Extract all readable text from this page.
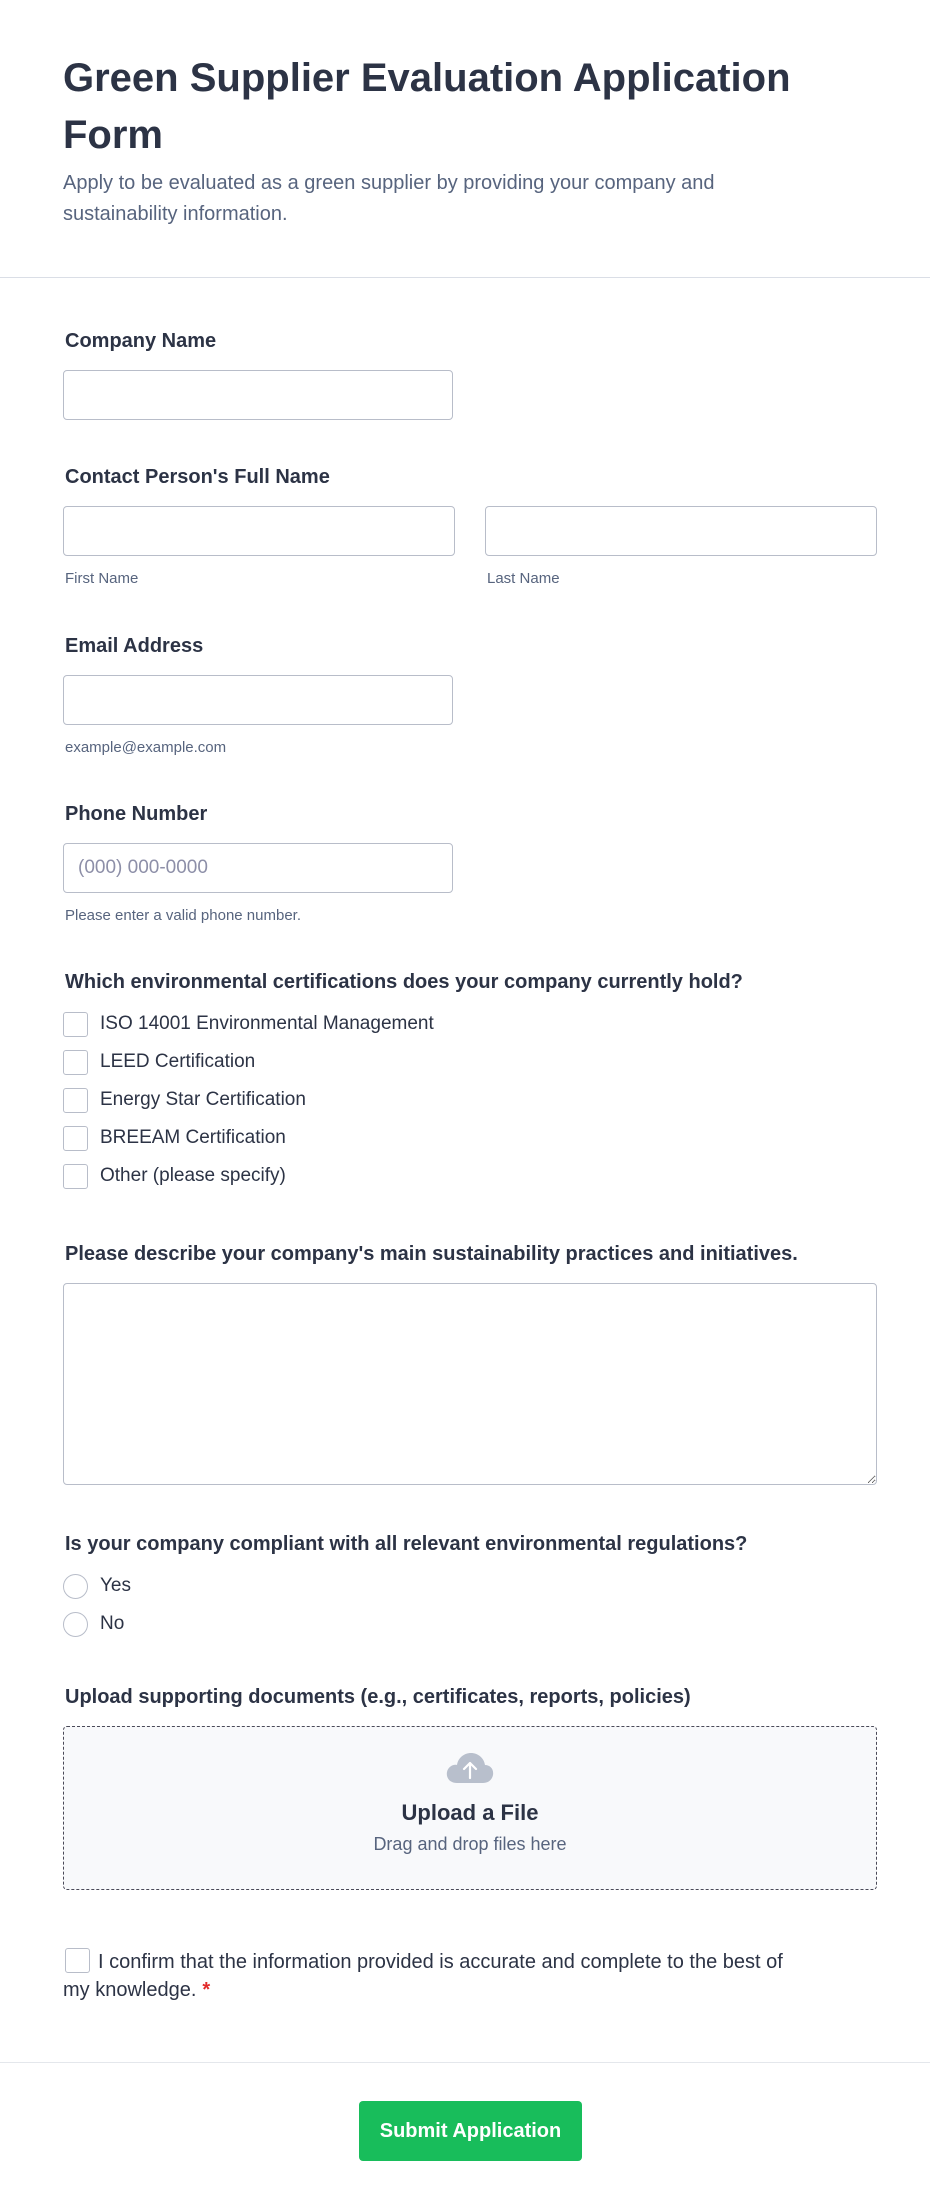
Green Supplier Evaluation Application Form
Apply to be evaluated as a green supplier by providing your company and sustainability information.
Company Name
Contact Person's Full Name
First Name	Last Name
Email Address
example@example.com
Phone Number
(000) 000-0000
Please enter a valid phone number.
Which environmental certifications does your company currently hold?
ISO 14001 Environmental Management
LEED Certification
Energy Star Certification
BREEAM Certification
Other (please specify)
Please describe your company's main sustainability practices and initiatives.
Is your company compliant with all relevant environmental regulations?
Yes
No
Upload supporting documents (e.g., certificates, reports, policies)
Upload a File
Drag and drop files here
I confirm that the information provided is accurate and complete to the best of my knowledge. *
Submit Application
